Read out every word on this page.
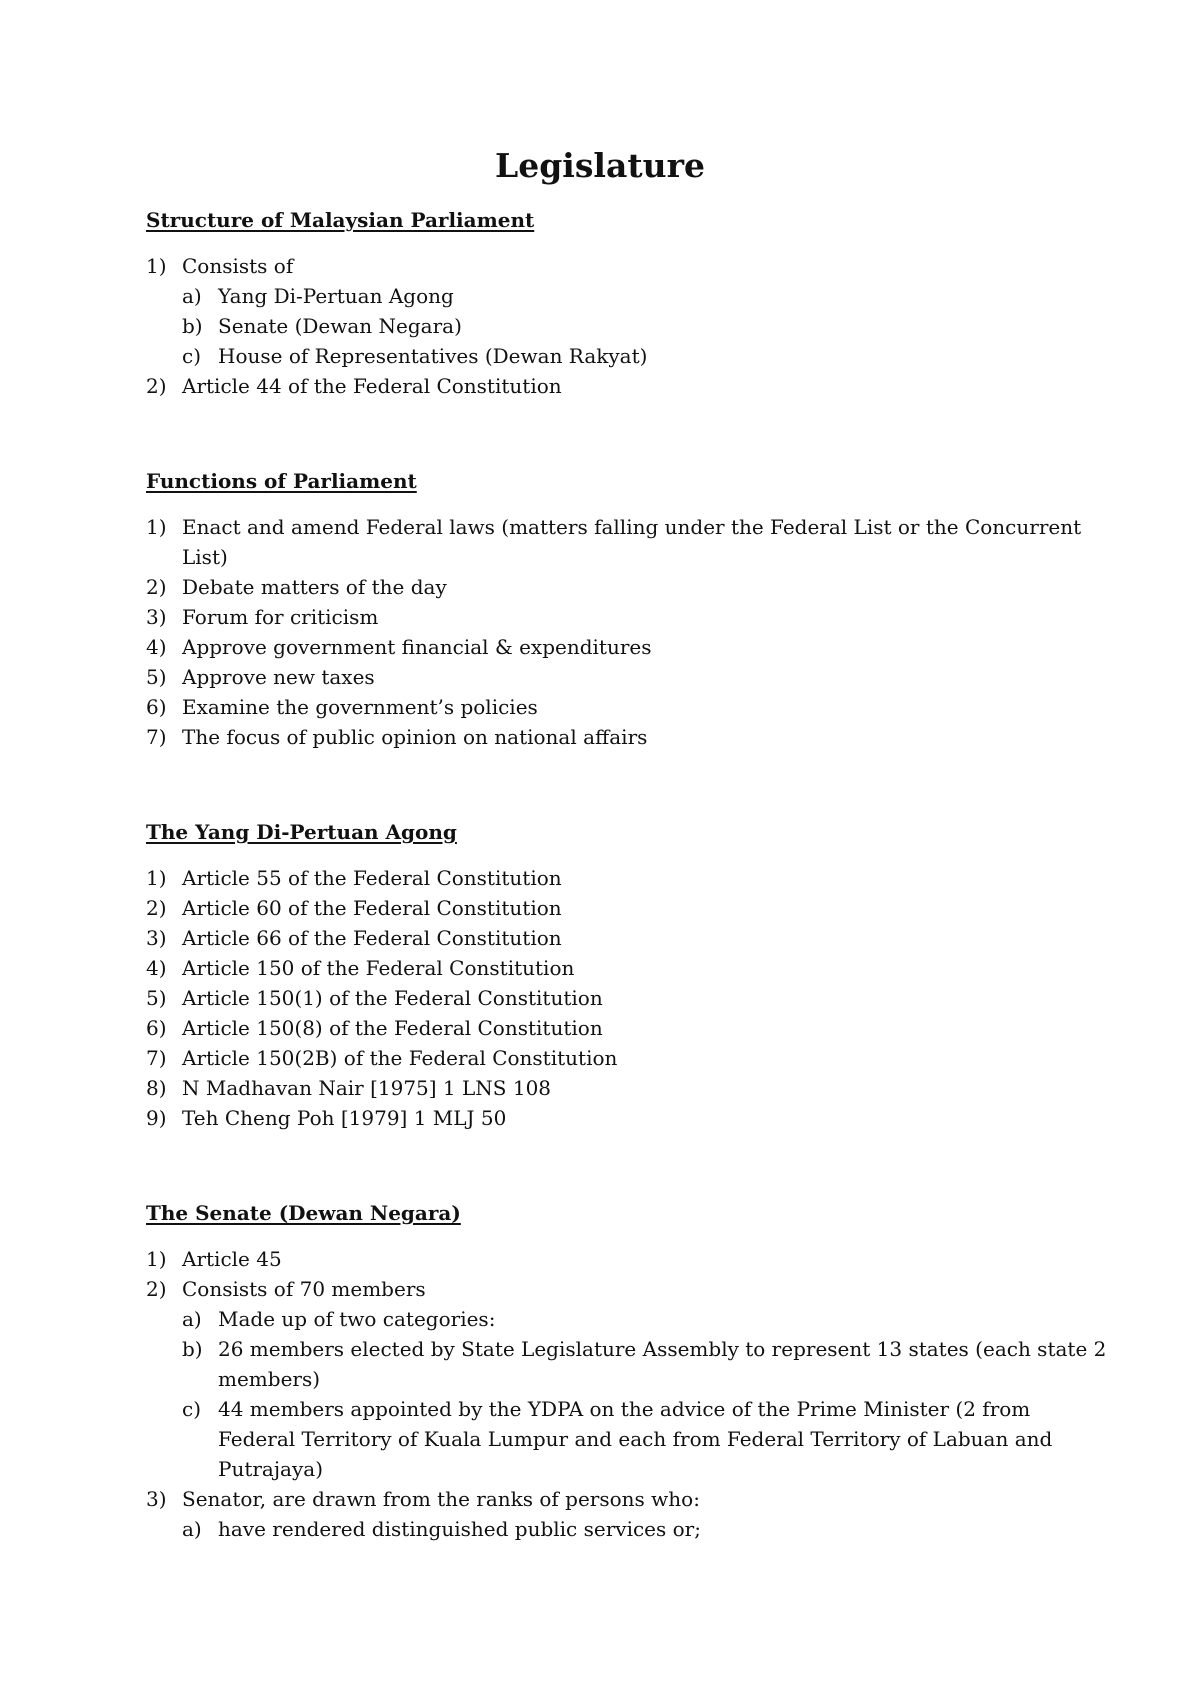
Legislature
Structure of Malaysian Parliament
1) Consists of
a) Yang Di-Pertuan Agong
b) Senate (Dewan Negara)
c) House of Representatives (Dewan Rakyat)
2) Article 44 of the Federal Constitution
Functions of Parliament
1) Enact and amend Federal laws (matters falling under the Federal List or the Concurrent
List)
2) Debate matters of the day
3) Forum for criticism
4) Approve government financial & expenditures
5) Approve new taxes
6) Examine the government’s policies
7) The focus of public opinion on national affairs
The Yang Di-Pertuan Agong
1) Article 55 of the Federal Constitution
2) Article 60 of the Federal Constitution
3) Article 66 of the Federal Constitution
4) Article 150 of the Federal Constitution
5) Article 150(1) of the Federal Constitution
6) Article 150(8) of the Federal Constitution
7) Article 150(2B) of the Federal Constitution
8) N Madhavan Nair [1975] 1 LNS 108
9) Teh Cheng Poh [1979] 1 MLJ 50
The Senate (Dewan Negara)
1) Article 45
2) Consists of 70 members
a) Made up of two categories:
b) 26 members elected by State Legislature Assembly to represent 13 states (each state 2
members)
c) 44 members appointed by the YDPA on the advice of the Prime Minister (2 from
Federal Territory of Kuala Lumpur and each from Federal Territory of Labuan and
Putrajaya)
3) Senator, are drawn from the ranks of persons who:
a) have rendered distinguished public services or;
